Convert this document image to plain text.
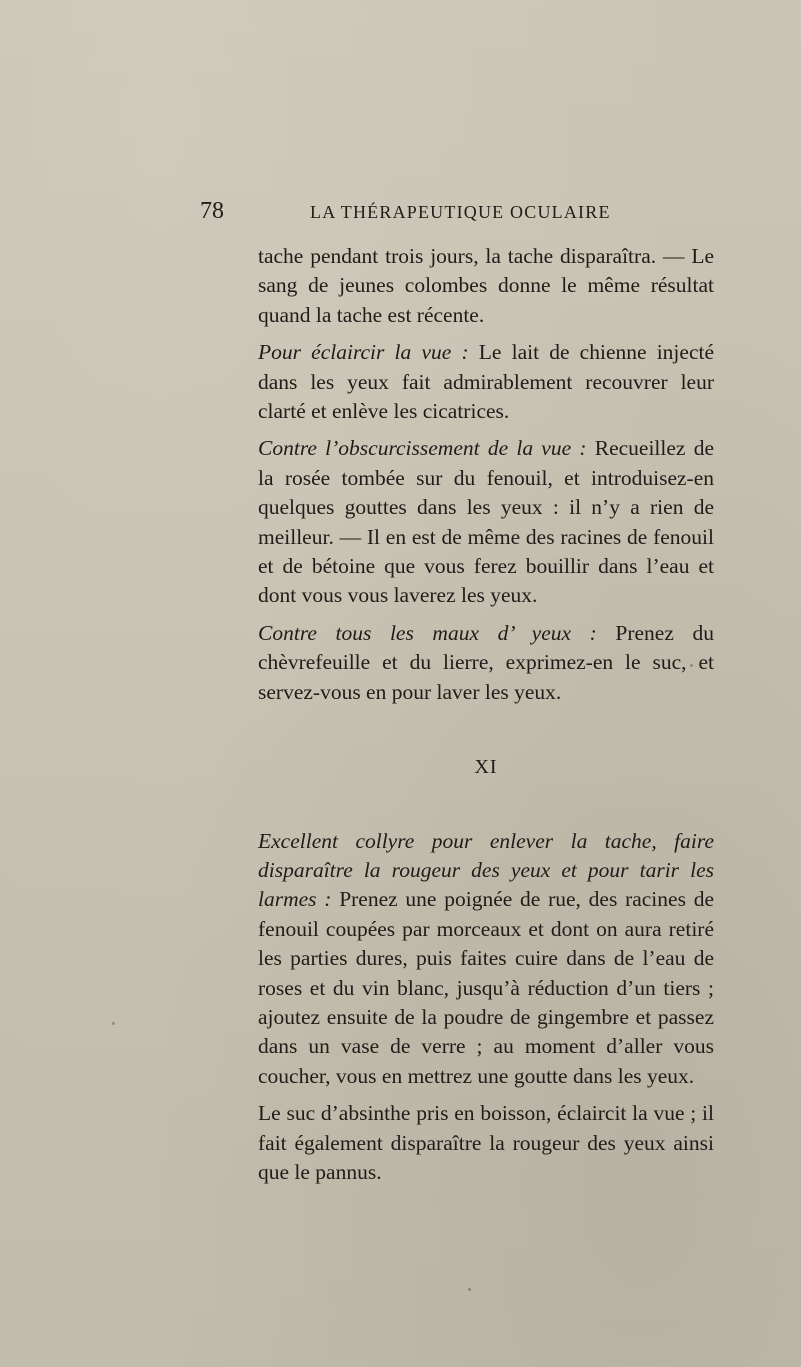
78	LA THÉRAPEUTIQUE OCULAIRE

tache pendant trois jours, la tache disparaîtra. — Le sang de jeunes colombes donne le même résultat quand la tache est récente.

Pour éclaircir la vue : Le lait de chienne injecté dans les yeux fait admirablement recouvrer leur clarté et enlève les cicatrices.

Contre l’obscurcissement de la vue : Recueillez de la rosée tombée sur du fenouil, et introduisez-en quelques gouttes dans les yeux : il n’y a rien de meilleur. — Il en est de même des racines de fenouil et de bétoine que vous ferez bouillir dans l’eau et dont vous vous laverez les yeux.

Contre tous les maux d’ yeux : Prenez du chèvrefeuille et du lierre, exprimez-en le suc, et servez-vous en pour laver les yeux.

XI

Excellent collyre pour enlever la tache, faire disparaître la rougeur des yeux et pour tarir les larmes : Prenez une poignée de rue, des racines de fenouil coupées par morceaux et dont on aura retiré les parties dures, puis faites cuire dans de l’eau de roses et du vin blanc, jusqu’à réduction d’un tiers ; ajoutez ensuite de la poudre de gingembre et passez dans un vase de verre ; au moment d’aller vous coucher, vous en mettrez une goutte dans les yeux.

Le suc d’absinthe pris en boisson, éclaircit la vue ; il fait également disparaître la rougeur des yeux ainsi que le pannus.
